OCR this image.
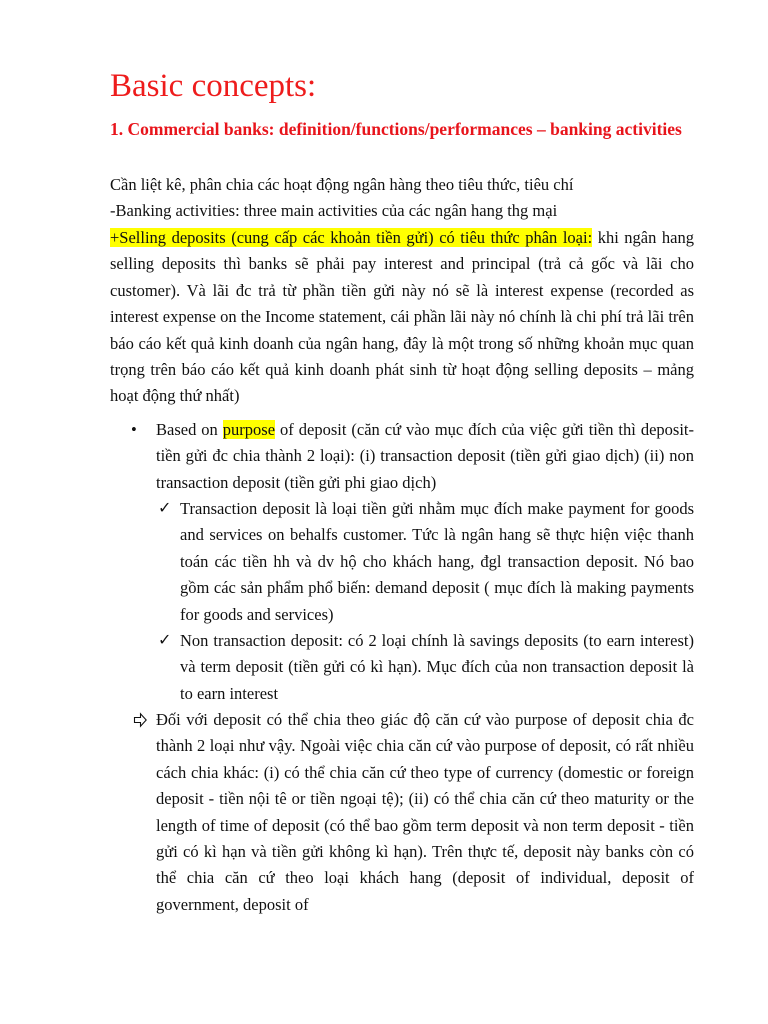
Basic concepts:
1. Commercial banks: definition/functions/performances – banking activities
Cần liệt kê, phân chia các hoạt động ngân hàng theo tiêu thức, tiêu chí
-Banking activities: three main activities của các ngân hang thg mại
+Selling deposits (cung cấp các khoản tiền gửi) có tiêu thức phân loại: khi ngân hang selling deposits thì banks sẽ phải pay interest and principal (trả cả gốc và lãi cho customer). Và lãi đc trả từ phần tiền gửi này nó sẽ là interest expense (recorded as interest expense on the Income statement, cái phần lãi này nó chính là chi phí trả lãi trên báo cáo kết quả kinh doanh của ngân hang, đây là một trong số những khoản mục quan trọng trên báo cáo kết quả kinh doanh phát sinh từ hoạt động selling deposits – mảng hoạt động thứ nhất)
• Based on purpose of deposit (căn cứ vào mục đích của việc gửi tiền thì deposit-tiền gửi đc chia thành 2 loại): (i) transaction deposit (tiền gửi giao dịch) (ii) non transaction deposit (tiền gửi phi giao dịch)
✓ Transaction deposit là loại tiền gửi nhằm mục đích make payment for goods and services on behalfs customer. Tức là ngân hang sẽ thực hiện việc thanh toán các tiền hh và dv hộ cho khách hang, đgl transaction deposit. Nó bao gồm các sản phẩm phổ biến: demand deposit ( mục đích là making payments for goods and services)
✓ Non transaction deposit: có 2 loại chính là savings deposits (to earn interest) và term deposit (tiền gửi có kì hạn). Mục đích của non transaction deposit là to earn interest
Đối với deposit có thể chia theo giác độ căn cứ vào purpose of deposit chia đc thành 2 loại như vậy. Ngoài việc chia căn cứ vào purpose of deposit, có rất nhiều cách chia khác: (i) có thể chia căn cứ theo type of currency (domestic or foreign deposit - tiền nội tê or tiền ngoại tệ); (ii) có thể chia căn cứ theo maturity or the length of time of deposit (có thể bao gồm term deposit và non term deposit - tiền gửi có kì hạn và tiền gửi không kì hạn). Trên thực tế, deposit này banks còn có thể chia căn cứ theo loại khách hang (deposit of individual, deposit of government, deposit of
